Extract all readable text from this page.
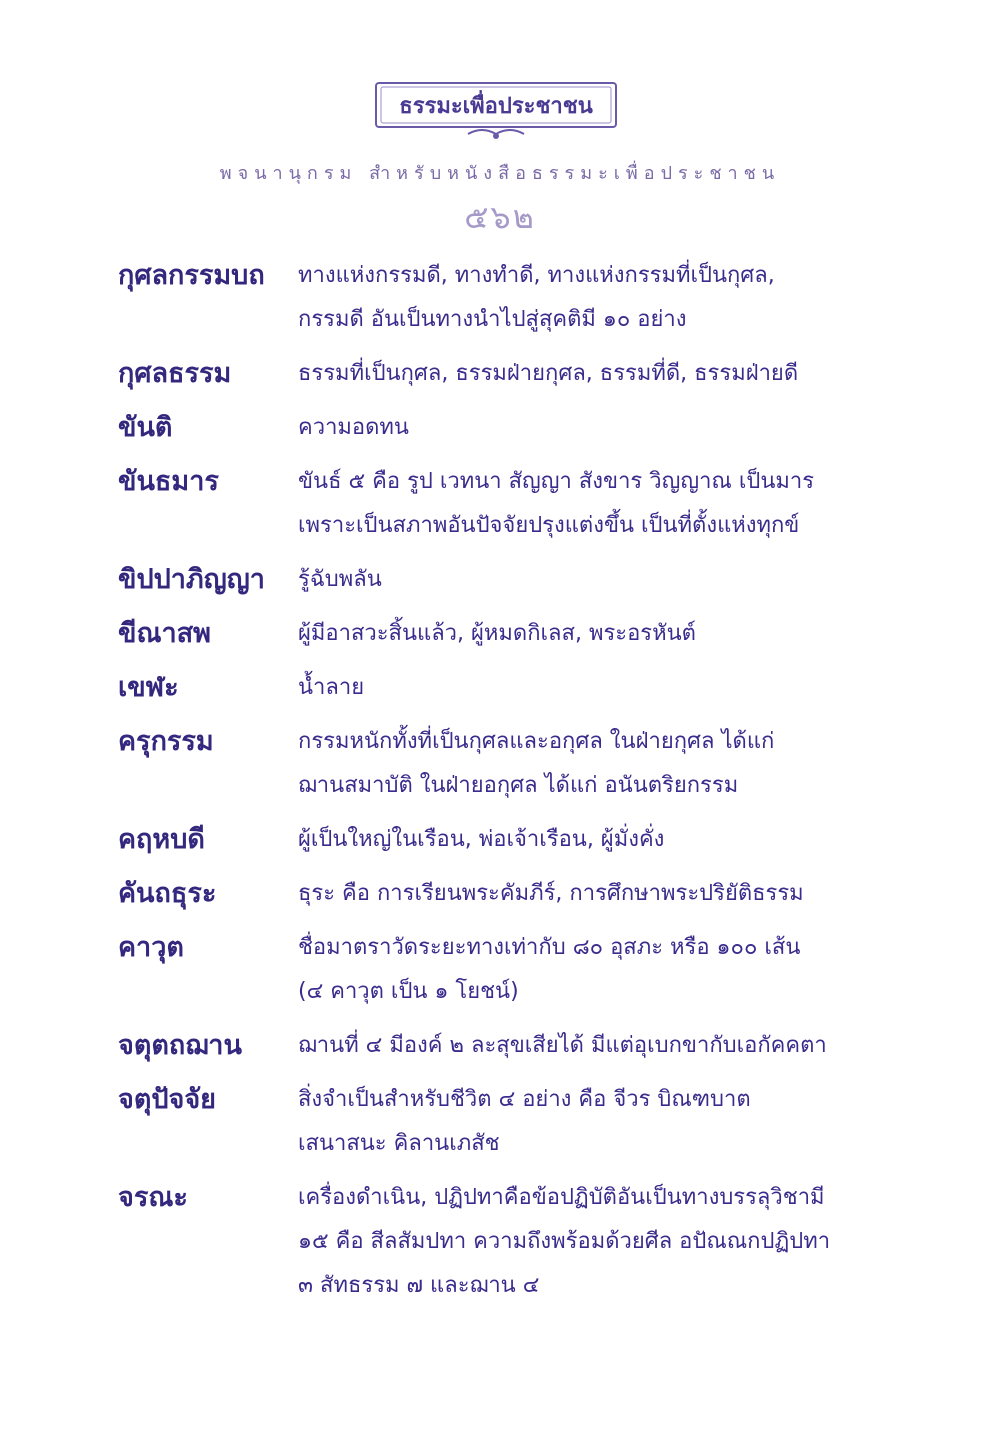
ธรรมะเพื่อประชาชน
พจนานุกรม สำหรับหนังสือธรรมะเพื่อประชาชน
๕๖๒
กุศลกรรมบถ	ทางแห่งกรรมดี, ทางทำดี, ทางแห่งกรรมที่เป็นกุศล,
กรรมดี อันเป็นทางนำไปสู่สุคติมี ๑๐ อย่าง
กุศลธรรม	ธรรมที่เป็นกุศล, ธรรมฝ่ายกุศล, ธรรมที่ดี, ธรรมฝ่ายดี
ขันติ	ความอดทน
ขันธมาร	ขันธ์ ๕ คือ รูป เวทนา สัญญา สังขาร วิญญาณ เป็นมาร
เพราะเป็นสภาพอันปัจจัยปรุงแต่งขึ้น เป็นที่ตั้งแห่งทุกข์
ขิปปาภิญญา	รู้ฉับพลัน
ขีณาสพ	ผู้มีอาสวะสิ้นแล้ว, ผู้หมดกิเลส, พระอรหันต์
เขฬะ	น้ำลาย
ครุกรรม	กรรมหนักทั้งที่เป็นกุศลและอกุศล ในฝ่ายกุศล ได้แก่
ฌานสมาบัติ ในฝ่ายอกุศล ได้แก่ อนันตริยกรรม
คฤหบดี	ผู้เป็นใหญ่ในเรือน, พ่อเจ้าเรือน, ผู้มั่งคั่ง
คันถธุระ	ธุระ คือ การเรียนพระคัมภีร์, การศึกษาพระปริยัติธรรม
คาวุต	ชื่อมาตราวัดระยะทางเท่ากับ ๘๐ อุสภะ หรือ ๑๐๐ เส้น
(๔ คาวุต เป็น ๑ โยชน์)
จตุตถฌาน	ฌานที่ ๔ มีองค์ ๒ ละสุขเสียได้ มีแต่อุเบกขากับเอกัคคตา
จตุปัจจัย	สิ่งจำเป็นสำหรับชีวิต ๔ อย่าง คือ จีวร บิณฑบาต
เสนาสนะ คิลานเภสัช
จรณะ	เครื่องดำเนิน, ปฏิปทาคือข้อปฏิบัติอันเป็นทางบรรลุวิชามี
๑๕ คือ สีลสัมปทา ความถึงพร้อมด้วยศีล อปัณณกปฏิปทา
๓ สัทธรรม ๗ และฌาน ๔
